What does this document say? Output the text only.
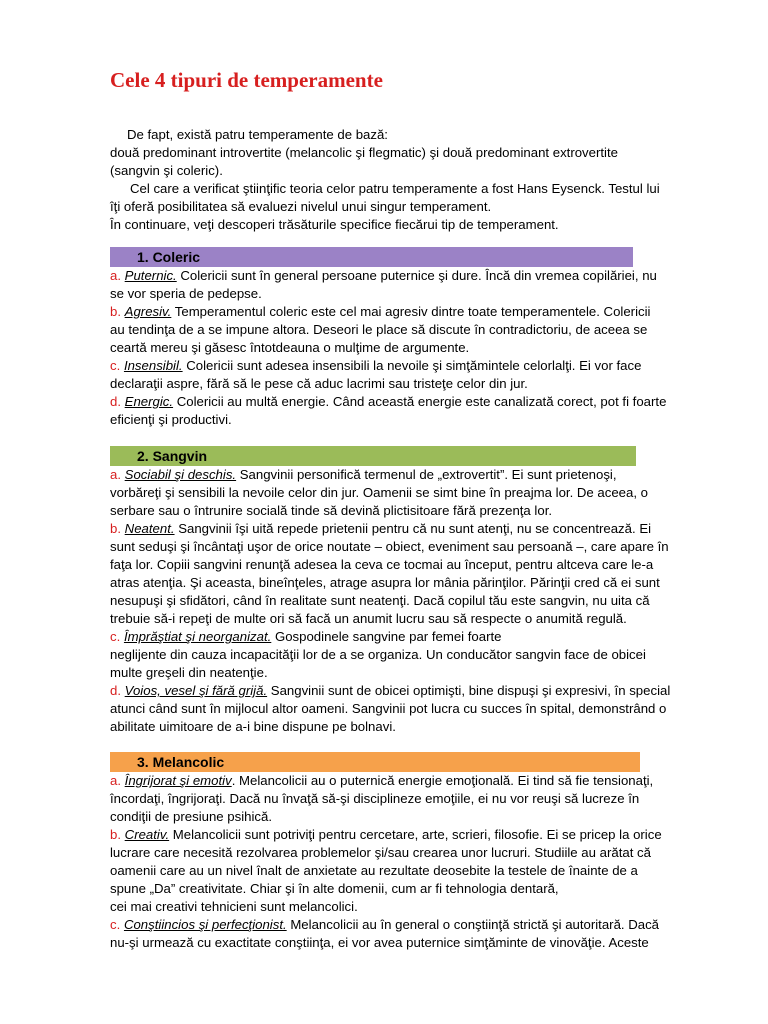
Cele 4 tipuri de temperamente
De fapt, există patru temperamente de bază:
două predominant introvertite (melancolic şi flegmatic) şi două predominant extrovertite
(sangvin şi coleric).
Cel care a verificat ştiinţific teoria celor patru temperamente a fost Hans Eysenck. Testul lui
îţi oferă posibilitatea să evaluezi nivelul unui singur temperament.
În continuare, veţi descoperi trăsăturile specifice fiecărui tip de temperament.
1. Coleric
a. Puternic. Colericii sunt în general persoane puternice şi dure. Încă din vremea copilăriei, nu
se vor speria de pedepse.
b. Agresiv. Temperamentul coleric este cel mai agresiv dintre toate temperamentele. Colericii
au tendinţa de a se impune altora. Deseori le place să discute în contradictoriu, de aceea se
ceartă mereu şi găsesc întotdeauna o mulţime de argumente.
c. Insensibil. Colericii sunt adesea insensibili la nevoile şi simţămintele celorlalţi. Ei vor face
declaraţii aspre, fără să le pese că aduc lacrimi sau tristeţe celor din jur.
d. Energic. Colericii au multă energie. Când această energie este canalizată corect, pot fi foarte
eficienţi şi productivi.
2. Sangvin
a. Sociabil şi deschis. Sangvinii personifică termenul de „extrovertit”. Ei sunt prietenoşi,
vorbăreţi şi sensibili la nevoile celor din jur. Oamenii se simt bine în preajma lor. De aceea, o
serbare sau o întrunire socială tinde să devină plictisitoare fără prezenţa lor.
b. Neatent. Sangvinii îşi uită repede prietenii pentru că nu sunt atenţi, nu se concentrează. Ei
sunt seduşi şi încântaţi uşor de orice noutate – obiect, eveniment sau persoană –, care apare în
faţa lor. Copiii sangvini renunţă adesea la ceva ce tocmai au început, pentru altceva care le-a
atras atenţia. Şi aceasta, bineînţeles, atrage asupra lor mânia părinţilor. Părinţii cred că ei sunt
nesupuşi şi sfidători, când în realitate sunt neatenţi. Dacă copilul tău este sangvin, nu uita că
trebuie să-i repeţi de multe ori să facă un anumit lucru sau să respecte o anumită regulă.
c. Împrăştiat şi neorganizat. Gospodinele sangvine par femei foarte
neglijente din cauza incapacităţii lor de a se organiza. Un conducător sangvin face de obicei
multe greşeli din neatenţie.
d. Voios, vesel şi fără grijă. Sangvinii sunt de obicei optimişti, bine dispuşi şi expresivi, în special
atunci când sunt în mijlocul altor oameni. Sangvinii pot lucra cu succes în spital, demonstrând o
abilitate uimitoare de a-i bine dispune pe bolnavi.
3. Melancolic
a. Îngrijorat şi emotiv. Melancolicii au o puternică energie emoţională. Ei tind să fie tensionaţi,
încordaţi, îngrijoraţi. Dacă nu învaţă să-şi disciplineze emoţiile, ei nu vor reuşi să lucreze în
condiţii de presiune psihică.
b. Creativ. Melancolicii sunt potriviţi pentru cercetare, arte, scrieri, filosofie. Ei se pricep la orice
lucrare care necesită rezolvarea problemelor şi/sau crearea unor lucruri. Studiile au arătat că
oamenii care au un nivel înalt de anxietate au rezultate deosebite la testele de înainte de a
spune „Da” creativitate. Chiar şi în alte domenii, cum ar fi tehnologia dentară,
cei mai creativi tehnicieni sunt melancolici.
c. Conştiincios şi perfecţionist. Melancolicii au în general o conştiinţă strictă şi autoritară. Dacă
nu-şi urmează cu exactitate conştiinţa, ei vor avea puternice simţăminte de vinovăţie. Aceste
